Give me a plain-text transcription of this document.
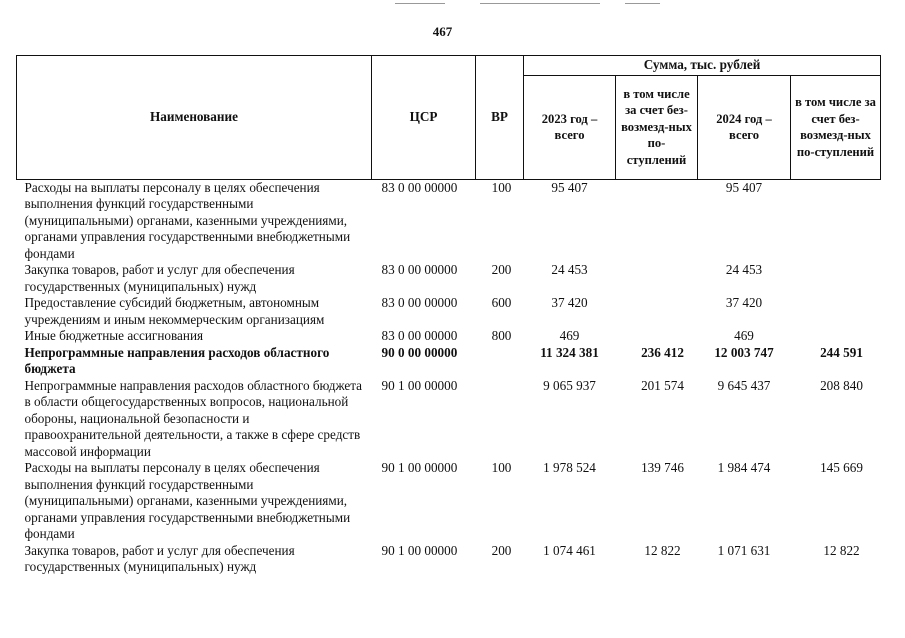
467
Наименование	ЦСР	ВР	Сумма, тыс. рублей			
			2023 год – всего	в том числе за счет без-возмезд-ных по-ступлений	2024 год – всего	в том числе за счет без-возмезд-ных по-ступлений
Расходы на выплаты персоналу в целях обеспечения выполнения функций государственными (муниципальными) органами, казенными учреждениями, органами управления государственными внебюджетными фондами	83 0 00 00000	100	95 407		95 407	
Закупка товаров, работ и услуг для обеспечения государственных (муниципальных) нужд	83 0 00 00000	200	24 453		24 453	
Предоставление субсидий бюджетным, автономным учреждениям и иным некоммерческим организациям	83 0 00 00000	600	37 420		37 420	
Иные бюджетные ассигнования	83 0 00 00000	800	469		469	
Непрограммные направления расходов областного бюджета	90 0 00 00000		11 324 381	236 412	12 003 747	244 591
Непрограммные направления расходов областного бюджета в области общегосударственных вопросов, национальной обороны, национальной безопасности и правоохранительной деятельности, а также в сфере средств массовой информации	90 1 00 00000		9 065 937	201 574	9 645 437	208 840
Расходы на выплаты персоналу в целях обеспечения выполнения функций государственными (муниципальными) органами, казенными учреждениями, органами управления государственными внебюджетными фондами	90 1 00 00000	100	1 978 524	139 746	1 984 474	145 669
Закупка товаров, работ и услуг для обеспечения государственных (муниципальных) нужд	90 1 00 00000	200	1 074 461	12 822	1 071 631	12 822
